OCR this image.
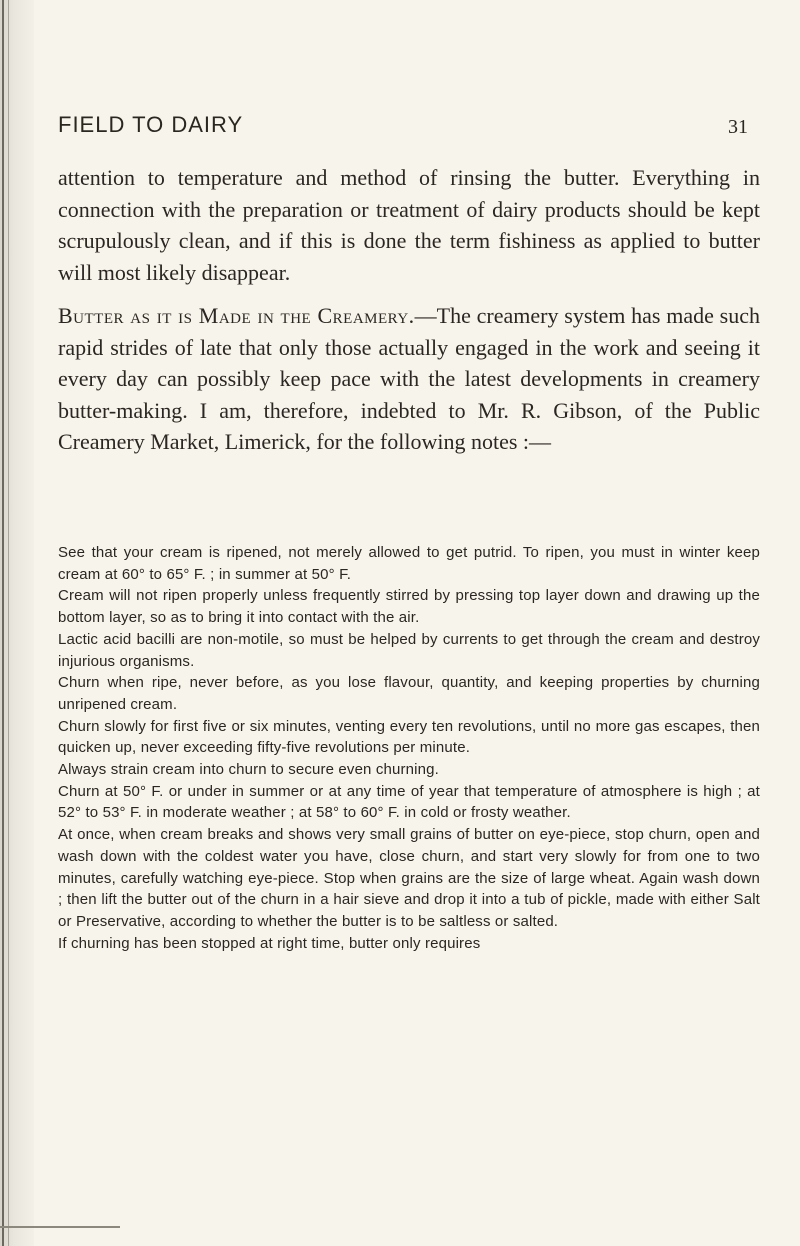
FIELD TO DAIRY	31

attention to temperature and method of rinsing the butter. Everything in connection with the preparation or treatment of dairy products should be kept scrupulously clean, and if this is done the term fishiness as applied to butter will most likely disappear.

Butter as it is Made in the Creamery.—The creamery system has made such rapid strides of late that only those actually engaged in the work and seeing it every day can possibly keep pace with the latest developments in creamery butter-making. I am, therefore, indebted to Mr. R. Gibson, of the Public Creamery Market, Limerick, for the following notes :—

See that your cream is ripened, not merely allowed to get putrid. To ripen, you must in winter keep cream at 60° to 65° F. ; in summer at 50° F.

Cream will not ripen properly unless frequently stirred by pressing top layer down and drawing up the bottom layer, so as to bring it into contact with the air.

Lactic acid bacilli are non-motile, so must be helped by currents to get through the cream and destroy injurious organisms.

Churn when ripe, never before, as you lose flavour, quantity, and keeping properties by churning unripened cream.

Churn slowly for first five or six minutes, venting every ten revolutions, until no more gas escapes, then quicken up, never exceeding fifty-five revolutions per minute.

Always strain cream into churn to secure even churning.

Churn at 50° F. or under in summer or at any time of year that temperature of atmosphere is high ; at 52° to 53° F. in moderate weather ; at 58° to 60° F. in cold or frosty weather.

At once, when cream breaks and shows very small grains of butter on eye-piece, stop churn, open and wash down with the coldest water you have, close churn, and start very slowly for from one to two minutes, carefully watching eye-piece. Stop when grains are the size of large wheat. Again wash down ; then lift the butter out of the churn in a hair sieve and drop it into a tub of pickle, made with either Salt or Preservative, according to whether the butter is to be saltless or salted.

If churning has been stopped at right time, butter only requires
